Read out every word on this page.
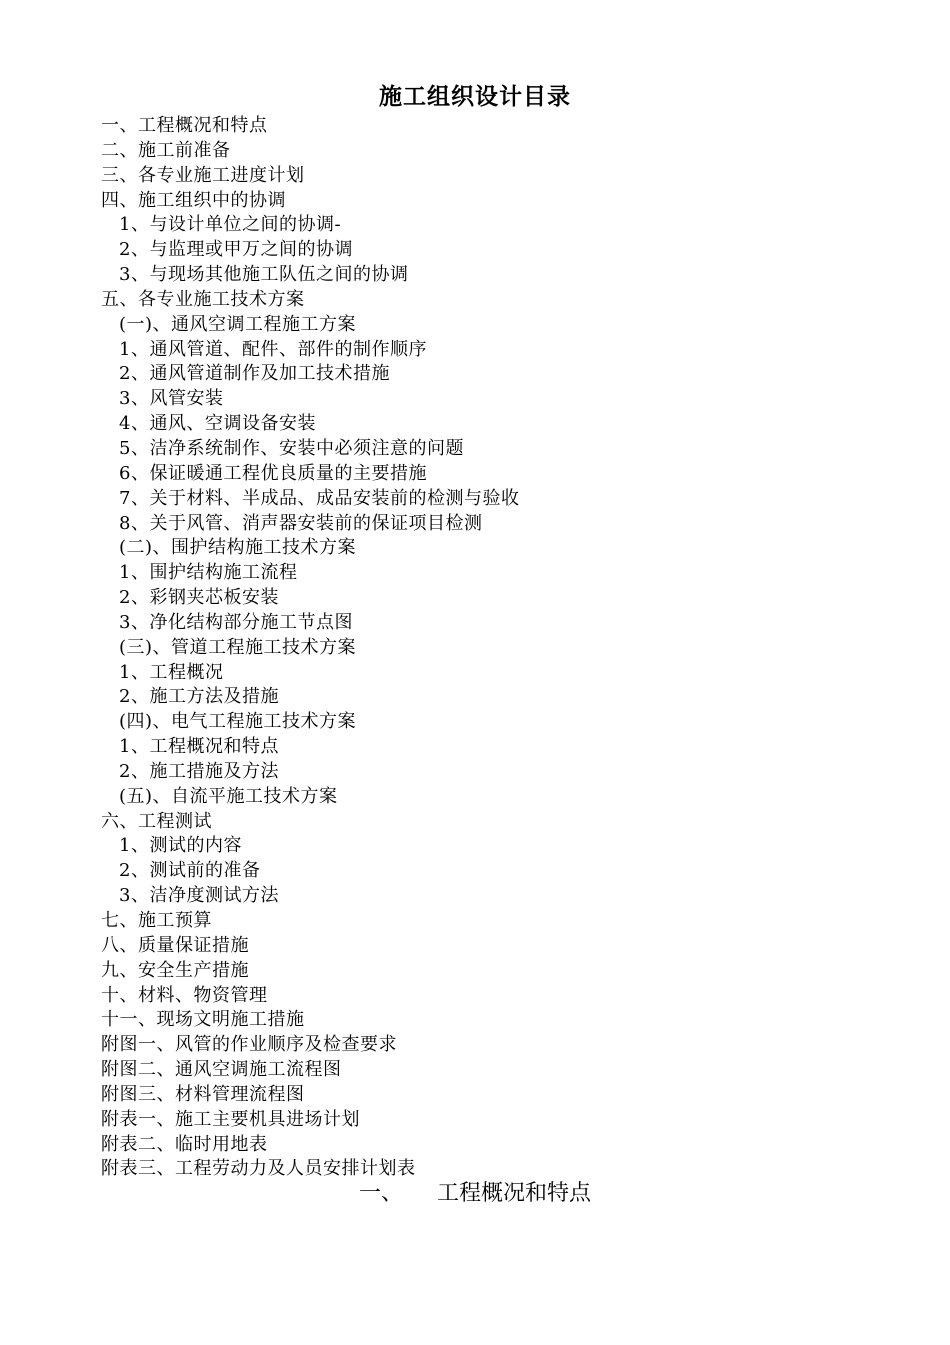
施工组织设计目录
一、工程概况和特点
二、施工前准备
三、各专业施工进度计划
四、施工组织中的协调
1、与设计单位之间的协调-
2、与监理或甲万之间的协调
3、与现场其他施工队伍之间的协调
五、各专业施工技术方案
(一)、通风空调工程施工方案
1、通风管道、配件、部件的制作顺序
2、通风管道制作及加工技术措施
3、风管安装
4、通风、空调设备安装
5、洁净系统制作、安装中必须注意的问题
6、保证暖通工程优良质量的主要措施
7、关于材料、半成品、成品安装前的检测与验收
8、关于风管、消声器安装前的保证项目检测
(二)、围护结构施工技术方案
1、围护结构施工流程
2、彩钢夹芯板安装
3、净化结构部分施工节点图
(三)、管道工程施工技术方案
1、工程概况
2、施工方法及措施
(四)、电气工程施工技术方案
1、工程概况和特点
2、施工措施及方法
(五)、自流平施工技术方案
六、工程测试
1、测试的内容
2、测试前的准备
3、洁净度测试方法
七、施工预算
八、质量保证措施
九、安全生产措施
十、材料、物资管理
十一、现场文明施工措施
附图一、风管的作业顺序及检查要求
附图二、通风空调施工流程图
附图三、材料管理流程图
附表一、施工主要机具进场计划
附表二、临时用地表
附表三、工程劳动力及人员安排计划表
一、 工程概况和特点
